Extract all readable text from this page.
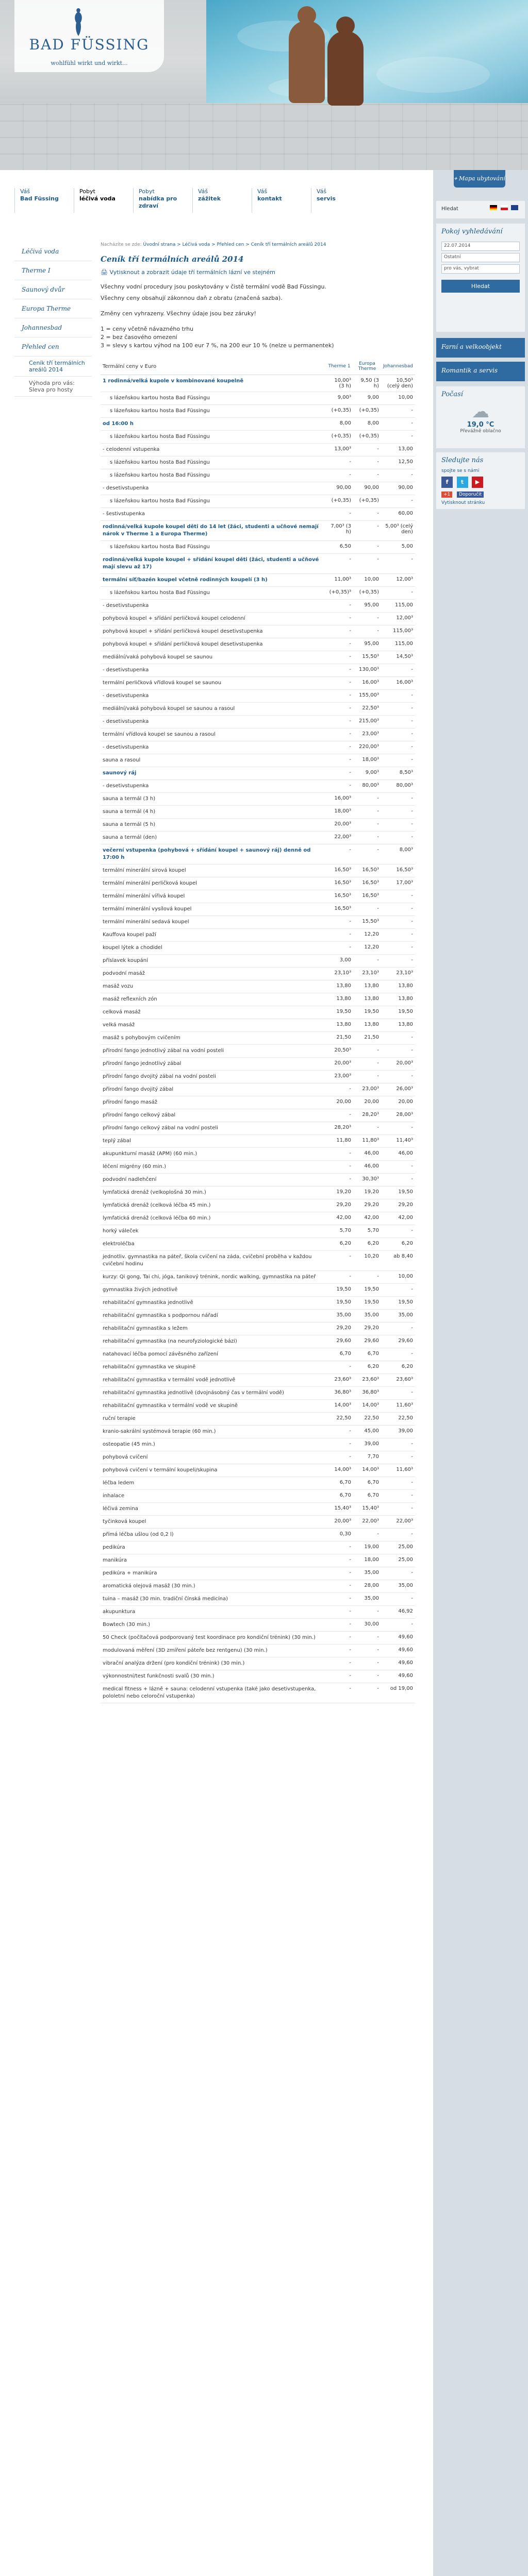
BAD FÜSSING
wohlfühl wirkt und wirkt...
Váš
Bad Füssing
Pobyt
léčivá voda
Pobyt
nabídka pro zdraví
Váš
zážitek
Váš
kontakt
Váš
servis
Léčivá voda
Therme I
Saunový dvůr
Europa Therme
Johannesbad
Přehled cen
Ceník tří termálních areálů 2014
Výhoda pro vás: Sleva pro hosty
Nacházíte se zde: Úvodní strana > Léčivá voda > Přehled cen > Ceník tří termálních areálů 2014
Ceník tří termálních areálů 2014
🖨 Vytisknout a zobrazit údaje tří termálních lázní ve stejném

Všechny vodní procedury jsou poskytovány v čistě termální vodě Bad Füssingu.

Všechny ceny obsahují zákonnou daň z obratu (značená sazba).

Změny cen vyhrazeny. Všechny údaje jsou bez záruky!

1 = ceny včetně návazného trhu

2 = bez časového omezení

3 = slevy s kartou výhod na 100 eur 7 %, na 200 eur 10 % (nelze u permanentek)

Termální ceny v Euro	Therme 1	Europa Therme	Johannesbad
1 rodinná/velká kupole v kombinované koupelně	10,00³ (3 h)	9,50 (3 h)	10,50³ (celý den)
s lázeňskou kartou hosta Bad Füssingu	9,00³	9,00	10,00
s lázeňskou kartou hosta Bad Füssingu	(+0,35)	(+0,35)	-
od 16:00 h	8,00	8,00	-
s lázeňskou kartou hosta Bad Füssingu	(+0,35)	(+0,35)	-
- celodenní vstupenka	13,00³	-	13,00
s lázeňskou kartou hosta Bad Füssingu	-	-	12,50
s lázeňskou kartou hosta Bad Füssingu	-	-	-
- desetivstupenka	90,00	90,00	90,00
s lázeňskou kartou hosta Bad Füssingu	(+0,35)	(+0,35)	-
- šestivstupenka	-	-	60,00
rodinná/velká kupole koupel děti do 14 let (žáci, studenti a učňové nemají nárok v Therme 1 a Europa Therme)	7,00³ (3 h)	-	5,00³ (celý den)
s lázeňskou kartou hosta Bad Füssingu	6,50	-	5,00
rodinná/velká kupole koupel + sřídání koupel děti (žáci, studenti a učňové mají slevu až 17)	-	-	-
termální síť/bazén koupel včetně rodinných koupelí (3 h)	11,00³	10,00	12,00³
s lázeňskou kartou hosta Bad Füssingu	(+0,35)³	(+0,35)	-
- desetivstupenka	-	95,00	115,00
pohybová koupel + sřídání perličková koupel celodenní	-	-	12,00³
pohybová koupel + sřídání perličková koupel desetivstupenka	-	-	115,00³
pohybová koupel + sřídání perličková koupel desetivstupenka	-	95,00	115,00
mediální/vaká pohybová koupel se saunou	-	15,50³	14,50³
- desetivstupenka	-	130,00³	-
termální perličková vřídlová koupel se saunou	-	16,00³	16,00³
- desetivstupenka	-	155,00³	-
mediální/vaká pohybová koupel se saunou a rasoul	-	22,50³	-
- desetivstupenka	-	215,00³	-
termální vřídlová koupel se saunou a rasoul	-	23,00³	-
- desetivstupenka	-	220,00³	-
sauna a rasoul	-	18,00³	-
saunový ráj	-	9,00³	8,50³
- desetivstupenka	-	80,00³	80,00³
sauna a termál (3 h)	16,00³	-	-
sauna a termál (4 h)	18,00³	-	-
sauna a termál (5 h)	20,00³	-	-
sauna a termál (den)	22,00³	-	-
večerní vstupenka (pohybová + sřídání koupel + saunový ráj) denně od 17:00 h	-	-	8,00³
termální minerální sirová koupel	16,50³	16,50³	16,50³
termální minerální perličková koupel	16,50³	16,50³	17,00³
termální minerální vířivá koupel	16,50³	16,50³	-
termální minerální vysílová koupel	16,50³	-	-
termální minerální sedavá koupel	-	15,50³	-
Kauffova koupel paží	-	12,20	-
koupel lýtek a chodidel	-	12,20	-
příslavek koupání	3,00	-	-
podvodní masáž	23,10³	23,10³	23,10³
masáž vozu	13,80	13,80	13,80
masáž reflexních zón	13,80	13,80	13,80
celková masáž	19,50	19,50	19,50
velká masáž	13,80	13,80	13,80
masáž s pohybovým cvičením	21,50	21,50	-
přírodní fango jednotlivý zábal na vodní posteli	20,50³	-	-
přírodní fango jednotlivý zábal	20,00³	-	20,00³
přírodní fango dvojitý zábal na vodní posteli	23,00³	-	-
přírodní fango dvojitý zábal	-	23,00³	26,00³
přírodní fango masáž	20,00	20,00	20,00
přírodní fango celkový zábal	-	28,20³	28,00³
přírodní fango celkový zábal na vodní posteli	28,20³	-	-
teplý zábal	11,80	11,80³	11,40³
akupunkturní masáž (APM) (60 min.)	-	46,00	46,00
léčení migrény (60 min.)	-	46,00	-
podvodní nadlehčení	-	30,30³	-
lymfatická drenáž (velkoplošná 30 min.)	19,20	19,20	19,50
lymfatická drenáž (celková léčba 45 min.)	29,20	29,20	29,20
lymfatická drenáž (celková léčba 60 min.)	42,00	42,00	42,00
horký váleček	5,70	5,70	-
elektroléčba	6,20	6,20	6,20
jednotliv. gymnastika na páteř, škola cvičení na záda, cvičební proběha v každou cvičební hodinu	-	10,20	ab 8,40
kurzy: Qi gong, Tai chi, jóga, tanikový trénink, nordic walking, gymnastika na páteř	-	-	10,00
gymnastika živých jednotlivě	19,50	19,50	-
rehabilitační gymnastika jednotlivě	19,50	19,50	19,50
rehabilitační gymnastika s podpornou nářadí	35,00	35,00	35,00
rehabilitační gymnastika s ležem	29,20	29,20	-
rehabilitační gymnastika (na neurofyziologické bázi)	29,60	29,60	29,60
natahovací léčba pomocí závěsného zařízení	6,70	6,70	-
rehabilitační gymnastika ve skupině	-	6,20	6,20
rehabilitační gymnastika v termální vodě jednotlivě	23,60³	23,60³	23,60³
rehabilitační gymnastika jednotlivě (dvojnásobný čas v termální vodě)	36,80³	36,80³	-
rehabilitační gymnastika v termální vodě ve skupině	14,00³	14,00³	11,60³
ruční terapie	22,50	22,50	22,50
kranio-sakrální systémová terapie (60 min.)	-	45,00	39,00
osteopatie (45 min.)	-	39,00	-
pohybová cvičení	-	7,70	-
pohybová cvičení v termální koupeli/skupina	14,00³	14,00³	11,60³
léčba ledem	6,70	6,70	-
inhalace	6,70	6,70	-
léčivá zemina	15,40³	15,40³	-
tyčinková koupel	20,00³	22,00³	22,00³
přímá léčba ušlou (od 0,2 l)	0,30	-	-
pedikúra	-	19,00	25,00
manikúra	-	18,00	25,00
pedikúra + manikúra	-	35,00	-
aromatická olejová masáž (30 min.)	-	28,00	35,00
tuina – masáž (30 min. tradiční čínská medicína)	-	35,00	-
akupunktura	-	-	46,92
Bowtech (30 min.)	-	30,00	-
50 Check (počítačová podporovaný test koordinace pro kondiční trénink) (30 min.)	-	-	49,60
modulovaná měření (3D zmíření páteře bez rentgenu) (30 min.)	-	-	49,60
vibrační analýza držení (pro kondiční trénink) (30 min.)	-	-	49,60
výkonnostní/test funkčnosti svalů (30 min.)	-	-	49,60
medical fitness + lázně + sauna: celodenní vstupenka (také jako desetivstupenka, pololetní nebo celoroční vstupenka)	-	-	od 19,00
⌖ Mapa ubytování
Hledat

Pokoj vyhledávání
22.07.2014
Ostatní
pro vás, vybrat
Hledat
Farní a velkoobjekt
Romantik a servis
Počasí
☁
19,0 °C
Převážně oblačno
Sledujte nás
spojte se s námi
f t ▶
+1 Doporučit
Vytisknout stránku
